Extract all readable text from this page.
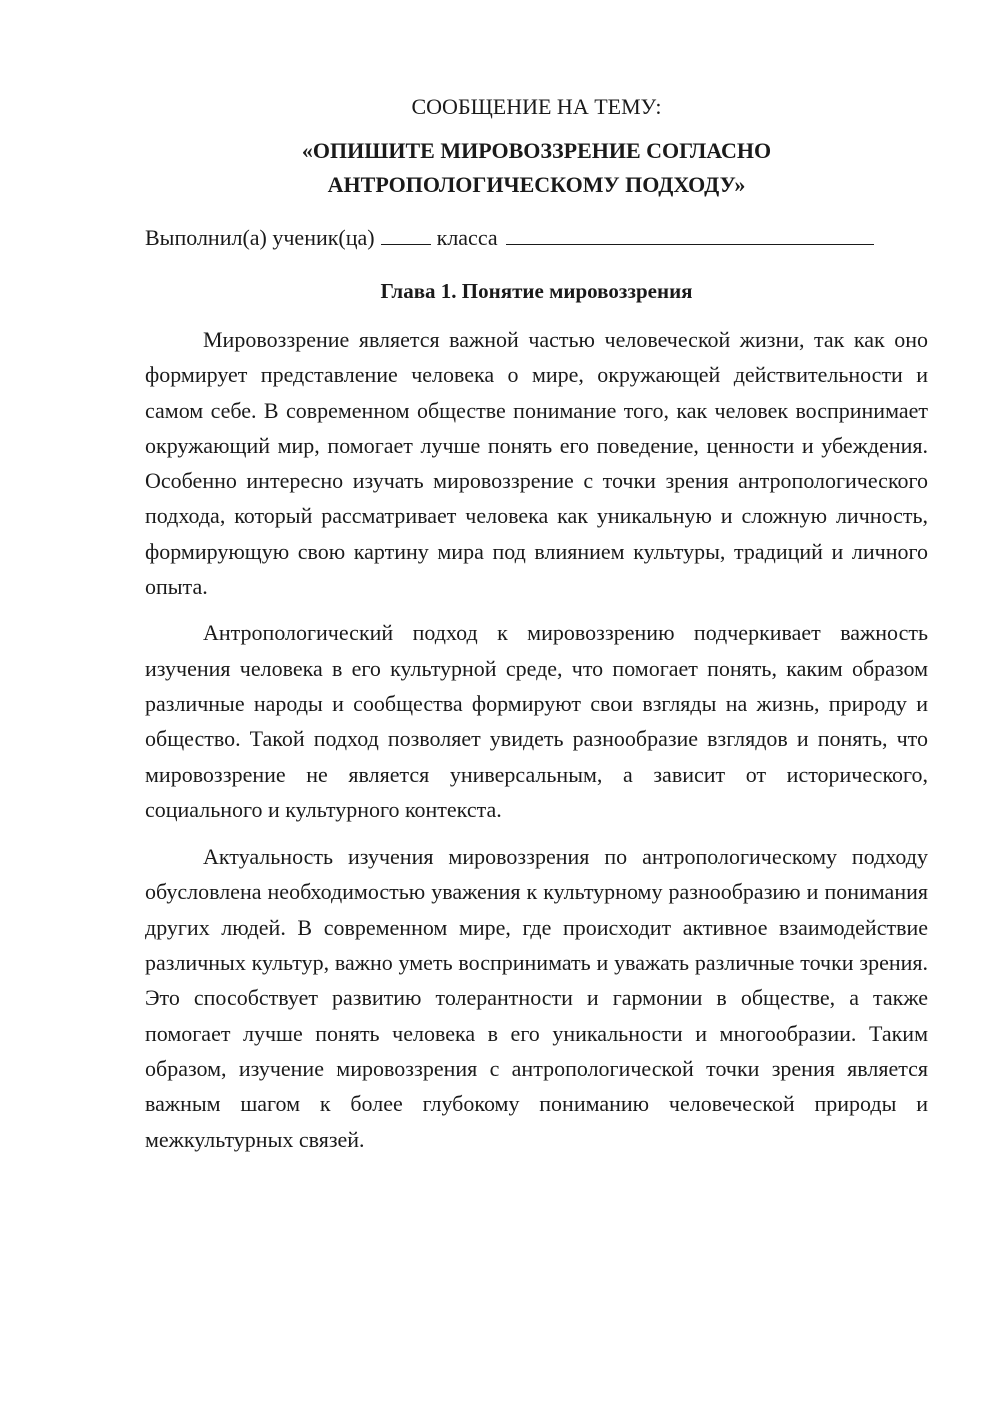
СООБЩЕНИЕ НА ТЕМУ:

«ОПИШИТЕ МИРОВОЗЗРЕНИЕ СОГЛАСНО
АНТРОПОЛОГИЧЕСКОМУ ПОДХОДУ»
Выполнил(а) ученик(ца)	класса
Глава 1. Понятие мировоззрения

Мировоззрение является важной частью человеческой жизни, так как оно формирует представление человека о мире, окружающей действительности и самом себе. В современном обществе понимание того, как человек воспринимает окружающий мир, помогает лучше понять его поведение, ценности и убеждения. Особенно интересно изучать мировоззрение с точки зрения антропологического подхода, который рассматривает человека как уникальную и сложную личность, формирующую свою картину мира под влиянием культуры, традиций и личного опыта.

Антропологический подход к мировоззрению подчеркивает важность изучения человека в его культурной среде, что помогает понять, каким образом различные народы и сообщества формируют свои взгляды на жизнь, природу и общество. Такой подход позволяет увидеть разнообразие взглядов и понять, что мировоззрение не является универсальным, а зависит от исторического, социального и культурного контекста.

Актуальность изучения мировоззрения по антропологическому подходу обусловлена необходимостью уважения к культурному разнообразию и понимания других людей. В современном мире, где происходит активное взаимодействие различных культур, важно уметь воспринимать и уважать различные точки зрения. Это способствует развитию толерантности и гармонии в обществе, а также помогает лучше понять человека в его уникальности и многообразии. Таким образом, изучение мировоззрения с антропологической точки зрения является важным шагом к более глубокому пониманию человеческой природы и межкультурных связей.
